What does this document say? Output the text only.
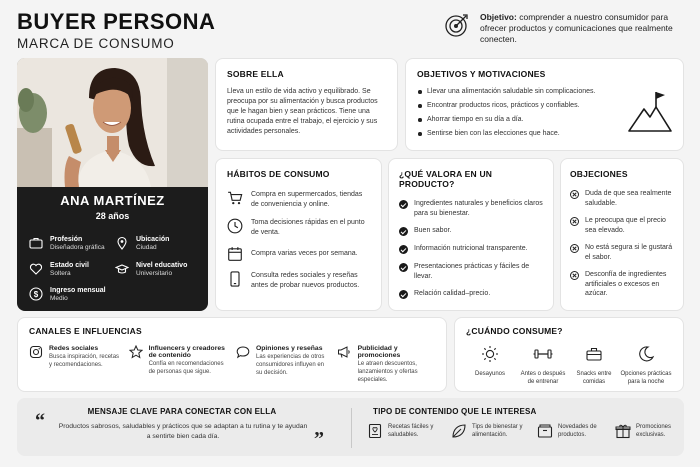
BUYER PERSONA
MARCA DE CONSUMO
Objetivo: comprender a nuestro consumidor para ofrecer productos y comunicaciones que realmente conecten.
ANA MARTÍNEZ
28 años
Profesión
Diseñadora gráfica
Ubicación
Ciudad
Estado civil
Soltera
Nivel educativo
Universitario
$ Ingreso mensual
Medio
SOBRE ELLA
Lleva un estilo de vida activo y equilibrado. Se preocupa por su alimentación y busca productos que le hagan bien y sean prácticos. Tiene una rutina ocupada entre el trabajo, el ejercicio y sus actividades personales.
OBJETIVOS Y MOTIVACIONES
Llevar una alimentación saludable sin complicaciones.
Encontrar productos ricos, prácticos y confiables.
Ahorrar tiempo en su día a día.
Sentirse bien con las elecciones que hace.
HÁBITOS DE CONSUMO
Compra en supermercados, tiendas de conveniencia y online.
Toma decisiones rápidas en el punto de venta.
Compra varias veces por semana.
Consulta redes sociales y reseñas antes de probar nuevos productos.
¿QUÉ VALORA EN UN PRODUCTO?
Ingredientes naturales y beneficios claros para su bienestar.
Buen sabor.
Información nutricional transparente.
Presentaciones prácticas y fáciles de llevar.
Relación calidad–precio.
OBJECIONES
Duda de que sea realmente saludable.
Le preocupa que el precio sea elevado.
No está segura si le gustará el sabor.
Desconfía de ingredientes artificiales o excesos en azúcar.
CANALES E INFLUENCIAS
Redes sociales
Busca inspiración, recetas y recomendaciones.
Influencers y creadores de contenido
Confía en recomendaciones de personas que sigue.
Opiniones y reseñas
Las experiencias de otros consumidores influyen en su decisión.
Publicidad y promociones
Le atraen descuentos, lanzamientos y ofertas especiales.
¿CUÁNDO CONSUME?
Desayunos	Antes o después de entrenar
Snacks entre comidas
Opciones prácticas para la noche
“	MENSAJE CLAVE PARA CONECTAR CON ELLA
Productos sabrosos, saludables y prácticos que se adaptan a tu rutina y te ayudan a sentirte bien cada día.	”
TIPO DE CONTENIDO QUE LE INTERESA
Recetas fáciles y saludables.
Tips de bienestar y alimentación.
Novedades de productos.
Promociones exclusivas.
